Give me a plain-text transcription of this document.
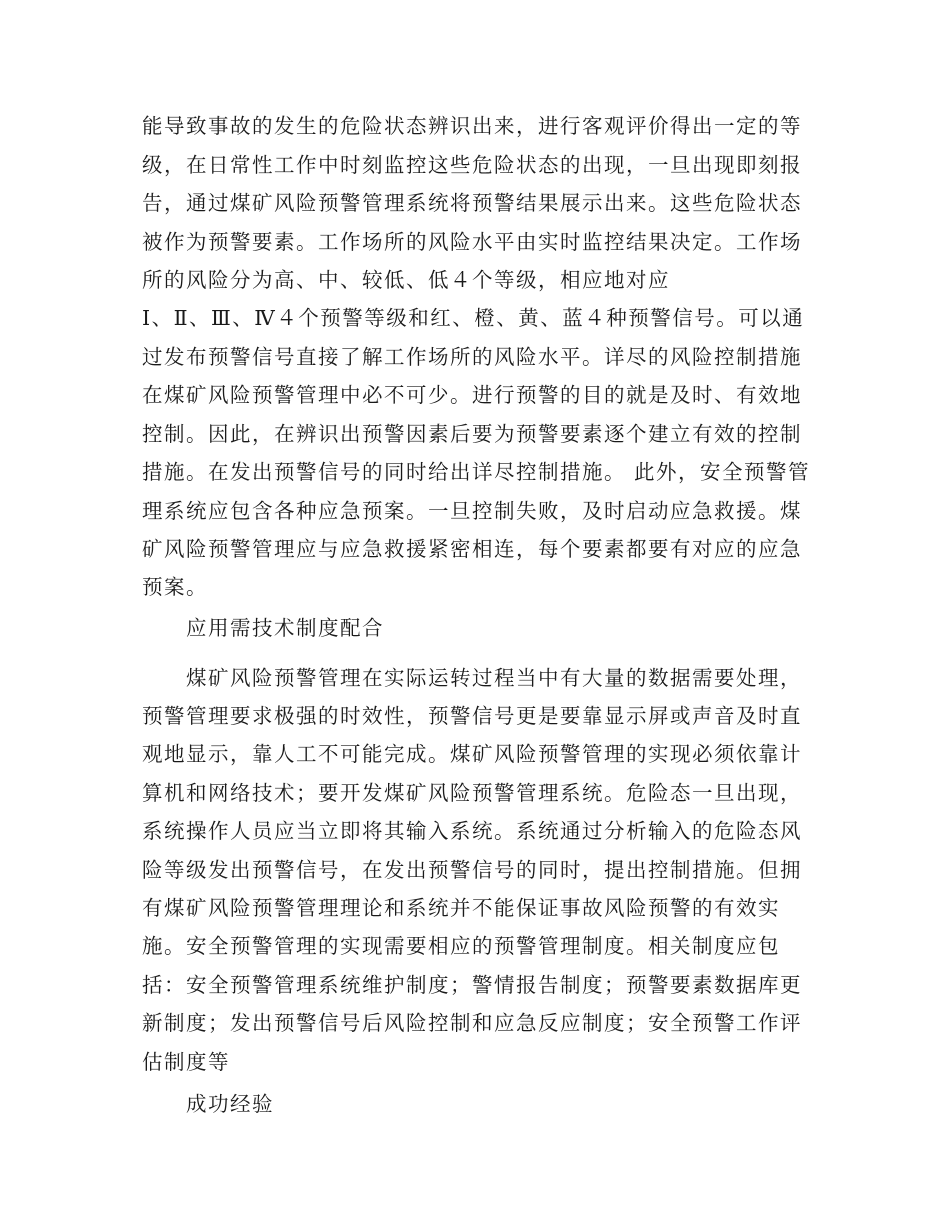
能导致事故的发生的危险状态辨识出来，进行客观评价得出一定的等
级，在日常性工作中时刻监控这些危险状态的出现，一旦出现即刻报
告，通过煤矿风险预警管理系统将预警结果展示出来。这些危险状态
被作为预警要素。工作场所的风险水平由实时监控结果决定。工作场
所的风险分为高、中、较低、低４个等级，相应地对应
Ⅰ、Ⅱ、Ⅲ、Ⅳ４个预警等级和红、橙、黄、蓝４种预警信号。可以通
过发布预警信号直接了解工作场所的风险水平。详尽的风险控制措施
在煤矿风险预警管理中必不可少。进行预警的目的就是及时、有效地
控制。因此，在辨识出预警因素后要为预警要素逐个建立有效的控制
措施。在发出预警信号的同时给出详尽控制措施。 此外，安全预警管
理系统应包含各种应急预案。一旦控制失败，及时启动应急救援。煤
矿风险预警管理应与应急救援紧密相连，每个要素都要有对应的应急
预案。
应用需技术制度配合
煤矿风险预警管理在实际运转过程当中有大量的数据需要处理，
预警管理要求极强的时效性，预警信号更是要靠显示屏或声音及时直
观地显示，靠人工不可能完成。煤矿风险预警管理的实现必须依靠计
算机和网络技术；要开发煤矿风险预警管理系统。危险态一旦出现，
系统操作人员应当立即将其输入系统。系统通过分析输入的危险态风
险等级发出预警信号，在发出预警信号的同时，提出控制措施。但拥
有煤矿风险预警管理理论和系统并不能保证事故风险预警的有效实
施。安全预警管理的实现需要相应的预警管理制度。相关制度应包
括：安全预警管理系统维护制度；警情报告制度；预警要素数据库更
新制度；发出预警信号后风险控制和应急反应制度；安全预警工作评
估制度等
成功经验
